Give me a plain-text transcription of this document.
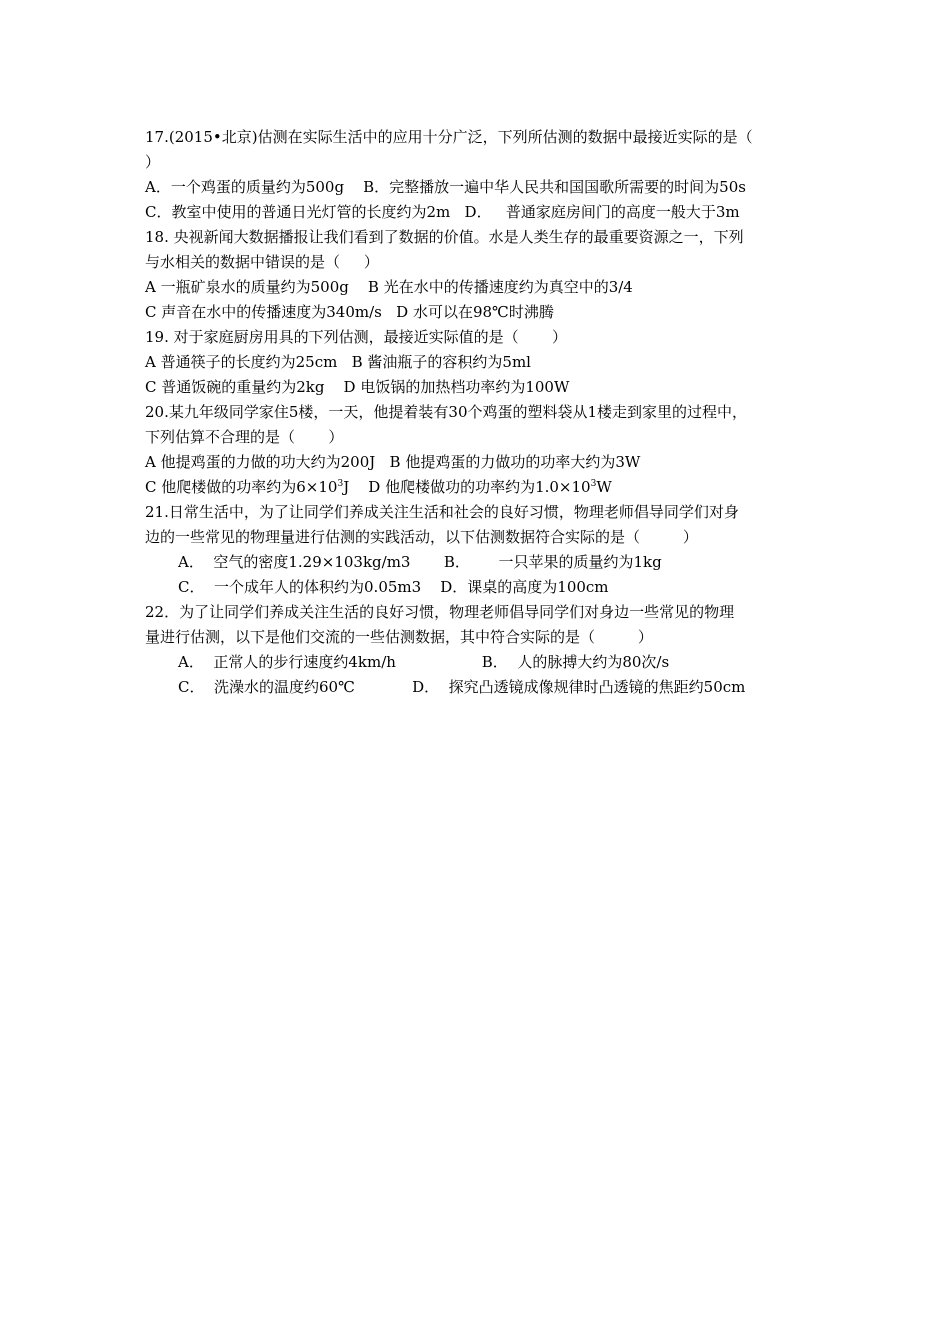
17.(2015•北京)估测在实际生活中的应用十分广泛，下列所估测的数据中最接近实际的是（
）
A．一个鸡蛋的质量约为500g    B．完整播放一遍中华人民共和国国歌所需要的时间为50s
C．教室中使用的普通日光灯管的长度约为2m   D．   普通家庭房间门的高度一般大于3m
18. 央视新闻大数据播报让我们看到了数据的价值。水是人类生存的最重要资源之一，下列
与水相关的数据中错误的是（     ）
A 一瓶矿泉水的质量约为500g    B 光在水中的传播速度约为真空中的3/4
C 声音在水中的传播速度为340m/s   D 水可以在98℃时沸腾
19. 对于家庭厨房用具的下列估测，最接近实际值的是（       ）
A 普通筷子的长度约为25cm   B 酱油瓶子的容积约为5ml
C 普通饭碗的重量约为2kg    D 电饭锅的加热档功率约为100W
20.某九年级同学家住5楼，一天，他提着装有30个鸡蛋的塑料袋从1楼走到家里的过程中，
下列估算不合理的是（       ）
A 他提鸡蛋的力做的功大约为200J   B 他提鸡蛋的力做功的功率大约为3W
C 他爬楼做的功率约为$6\times 10^3J$    D 他爬楼做功的功率约为$1.0\times 10^3W$
21.日常生活中，为了让同学们养成关注生活和社会的良好习惯，物理老师倡导同学们对身
边的一些常见的物理量进行估测的实践活动，以下估测数据符合实际的是（         ）
A．  空气的密度1.29×103kg/m3       B．      一只苹果的质量约为1kg
C．  一个成年人的体积约为0.05m3    D．课桌的高度为100cm
22．为了让同学们养成关注生活的良好习惯，物理老师倡导同学们对身边一些常见的物理
量进行估测，以下是他们交流的一些估测数据，其中符合实际的是（         ）
A．  正常人的步行速度约4km/h                  B．  人的脉搏大约为80次/s
C．  洗澡水的温度约60℃            D．  探究凸透镜成像规律时凸透镜的焦距约50cm
